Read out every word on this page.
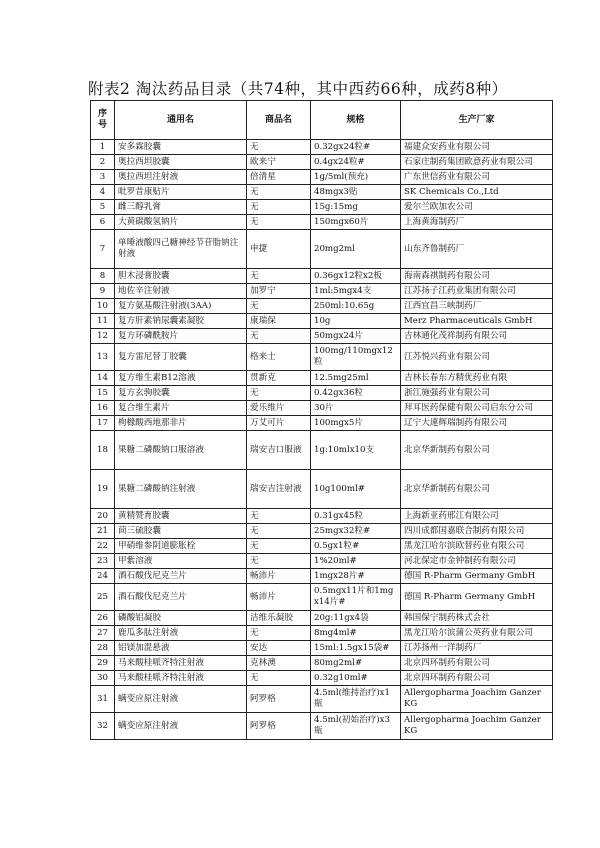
附表2 淘汰药品目录（共74种，其中西药66种，成药8种）
序号	通用名	商品名	规格	生产厂家
1	安多霖胶囊	无	0.32gx24粒#	福建众安药业有限公司
2	奥拉西坦胶囊	欧来宁	0.4gx24粒#	石家庄制药集团欧意药业有限公司
3	奥拉西坦注射液	倍清星	1g/5ml(预充)	广东世信药业有限公司
4	吡罗昔康贴片	无	48mgx3贴	SK Chemicals Co.,Ltd
5	雌三醇乳膏	无	15g:15mg	爱尔兰欧加农公司
6	大黄碳酸氢钠片	无	150mgx60片	上海黄海制药厂
7	单唾液酸四己糖神经节苷脂钠注射液	申捷	20mg2ml	山东齐鲁制药厂
8	胆木浸膏胶囊	无	0.36gx12粒x2板	海南森祺制药有限公司
9	地佐辛注射液	加罗宁	1ml:5mgx4支	江苏扬子江药业集团有限公司
10	复方氨基酸注射液(3AA)	无	250ml:10.65g	江西宜昌三峡制药厂
11	复方肝素钠尿囊素凝胶	康瑞保	10g	Merz Pharmaceuticals GmbH
12	复方环磷酰胺片	无	50mgx24片	吉林通化茂祥制药有限公司
13	复方雷尼替丁胶囊	格来士	100mg/110mgx12粒	江苏悦兴药业有限公司
14	复方维生素B12溶液	贯新克	12.5mg25ml	吉林长春东方精优药业有限
15	复方玄驹胶囊	无	0.42gx36粒	浙江施强药业有限公司
16	复合维生素片	爱乐维片	30片	拜耳医药保健有限公司启东分公司
17	枸橼酸西地那非片	万艾可片	100mgx5片	辽宁大連辉瑞制药有限公司
18	果糖二磷酸钠口服溶液	瑞安吉口服液	1g:10mlx10支	北京华新制药有限公司
19	果糖二磷酸钠注射液	瑞安吉注射液	10g100ml#	北京华新制药有限公司
20	黄精赞育胶囊	无	0.31gx45粒	上海新亚药邢江有限公司
21	茴三硫胶囊	无	25mgx32粒#	四川成都国嘉联合制药有限公司
22	甲硝维参阴道膨胀栓	无	0.5gx1粒#	黑龙江哈尔滨欧替药业有限公司
23	甲紫溶液	无	1%20ml#	河北保定市金钟制药有限公司
24	酒石酸伐尼克兰片	畅沛片	1mgx28片#	德国 R-Pharm Germany GmbH
25	酒石酸伐尼克兰片	畅沛片	0.5mgx11片和1mgx14片#	德国 R-Pharm Germany GmbH
26	磷酸铝凝胶	洁维乐凝胶	20g:11gx4袋	韩国保宁制药株式会社
27	鹿瓜多肽注射液	无	8mg4ml#	黑龙江哈尔滨蒲公英药业有限公司
28	铝镁加混悬液	安达	15ml:1.5gx15袋#	江苏扬州一洋制药厂
29	马来酸桂哌齐特注射液	克林澳	80mg2ml#	北京四环制药有限公司
30	马来酸桂哌齐特注射液	无	0.32g10ml#	北京四环制药有限公司
31	螨变应原注射液	阿罗格	4.5ml(维持治疗)x1瓶	Allergopharma Joachim Ganzer KG
32	螨变应原注射液	阿罗格	4.5ml(初始治疗)x3瓶	Allergopharma Joachim Ganzer KG
